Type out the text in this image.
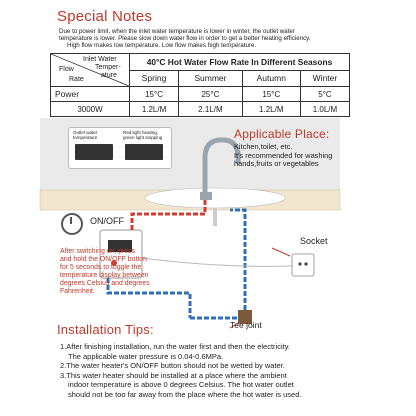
Special Notes
Due to power limit, when the inlet water temperature is lower in winter, the outlet water
temperature is lower. Please slow down water flow in order to get a better heating efficiency.
High flow makes low temperature. Low flow makes high temperature.
Inlet Water
Temper-
ature
Flow
Rate	40°C Hot Water Flow Rate In Different Seasons			
	Spring	Summer	Autumn	Winter
Power	15°C	25°C	15°C	5°C
3000W	1.2L/M	2.1L/M	1.2L/M	1.0L/M
Outlet water
temperature
Red light heating,
green light stopping	Applicable Place:
Kitchen,toilet, etc.
It's recommended for washing
hands,fruits or vegetables
ON/OFF
After switching on, press
and hold the ON/OFF button
for 5 seconds to toggle the
temperature display between
degrees Celsius and degrees
Fahrenheit.
Socket
Tee joint
Installation Tips:

1.After finishing installation, run the water first and then the electricity.

The applicable water pressure is 0.04-0.6MPa.

2.The water heater's ON/OFF button should not be wetted by water.

3.This water heater should be installed at a place where the ambient

indoor temperature is above 0 degrees Celsius. The hot water outlet

should not be too far away from the place where the hot water is used.
